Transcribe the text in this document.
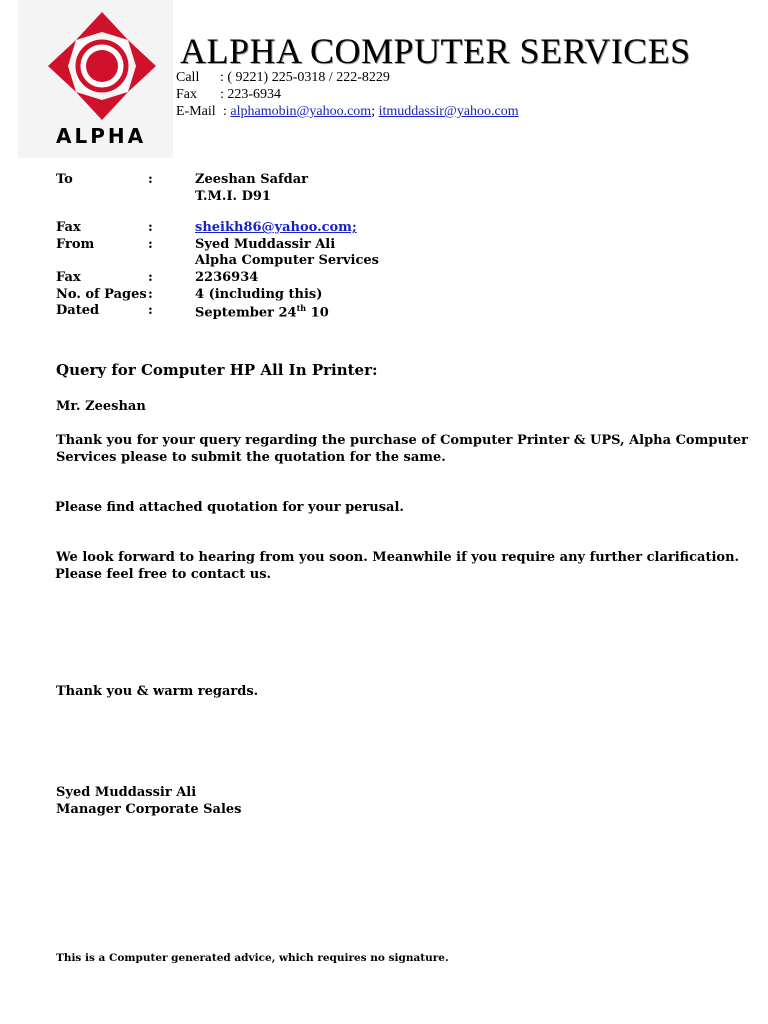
ALPHA
ALPHA COMPUTER SERVICES
Call : ( 9221) 225-0318 / 222-8229
Fax : 223-6934
E-Mail : alphamobin@yahoo.com; itmuddassir@yahoo.com
To	:	Zeeshan Safdar
T.M.I. D91
Fax	:	sheikh86@yahoo.com;
From	:	Syed Muddassir Ali
Alpha Computer Services
Fax	:	2236934
No. of Pages :	4 (including this)
Dated	:	September 24th 10
Query for Computer HP All In Printer:
Mr. Zeeshan
Thank you for your query regarding the purchase of Computer Printer & UPS, Alpha Computer
Services please to submit the quotation for the same.
Please find attached quotation for your perusal.
We look forward to hearing from you soon. Meanwhile if you require any further clarification.
Please feel free to contact us.
Thank you & warm regards.
Syed Muddassir Ali
Manager Corporate Sales
This is a Computer generated advice, which requires no signature.
